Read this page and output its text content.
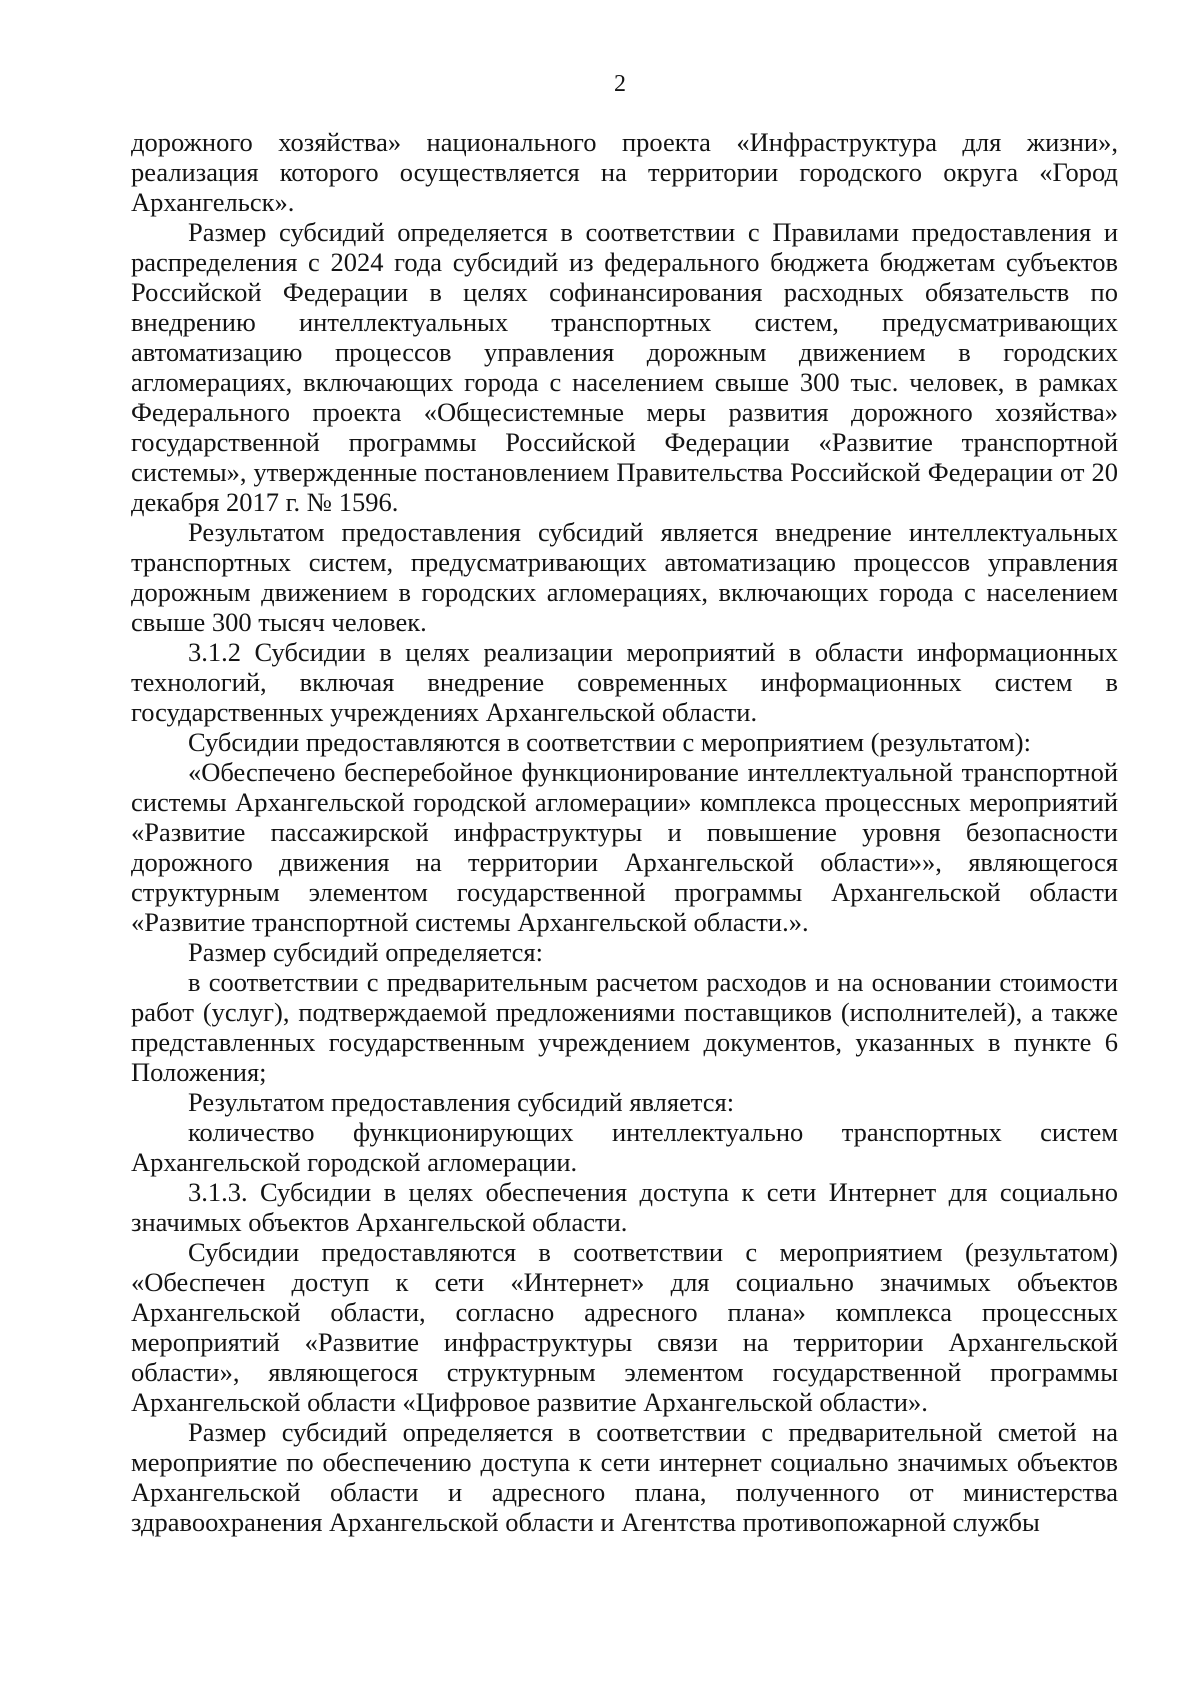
2

дорожного хозяйства» национального проекта «Инфраструктура для жизни», реализация которого осуществляется на территории городского округа «Город Архангельск».

Размер субсидий определяется в соответствии с Правилами предоставления и распределения с 2024 года субсидий из федерального бюджета бюджетам субъектов Российской Федерации в целях софинансирования расходных обязательств по внедрению интеллектуальных транспортных систем, предусматривающих автоматизацию процессов управления дорожным движением в городских агломерациях, включающих города с населением свыше 300 тыс. человек, в рамках Федерального проекта «Общесистемные меры развития дорожного хозяйства» государственной программы Российской Федерации «Развитие транспортной системы», утвержденные постановлением Правительства Российской Федерации от 20 декабря 2017 г. № 1596.

Результатом предоставления субсидий является внедрение интеллектуальных транспортных систем, предусматривающих автоматизацию процессов управления дорожным движением в городских агломерациях, включающих города с населением свыше 300 тысяч человек.

3.1.2 Субсидии в целях реализации мероприятий в области информационных технологий, включая внедрение современных информационных систем в государственных учреждениях Архангельской области.

Субсидии предоставляются в соответствии с мероприятием (результатом):

«Обеспечено бесперебойное функционирование интеллектуальной транспортной системы Архангельской городской агломерации» комплекса процессных мероприятий «Развитие пассажирской инфраструктуры и повышение уровня безопасности дорожного движения на территории Архангельской области»», являющегося структурным элементом государственной программы Архангельской области «Развитие транспортной системы Архангельской области.».

Размер субсидий определяется:

в соответствии с предварительным расчетом расходов и на основании стоимости работ (услуг), подтверждаемой предложениями поставщиков (исполнителей), а также представленных государственным учреждением документов, указанных в пункте 6 Положения;

Результатом предоставления субсидий является:

количество функционирующих интеллектуально транспортных систем Архангельской городской агломерации.

3.1.3. Субсидии в целях обеспечения доступа к сети Интернет для социально значимых объектов Архангельской области.

Субсидии предоставляются в соответствии с мероприятием (результатом) «Обеспечен доступ к сети «Интернет» для социально значимых объектов Архангельской области, согласно адресного плана» комплекса процессных мероприятий «Развитие инфраструктуры связи на территории Архангельской области», являющегося структурным элементом государственной программы Архангельской области «Цифровое развитие Архангельской области».

Размер субсидий определяется в соответствии с предварительной сметой на мероприятие по обеспечению доступа к сети интернет социально значимых объектов Архангельской области и адресного плана, полученного от министерства здравоохранения Архангельской области и Агентства противопожарной службы
